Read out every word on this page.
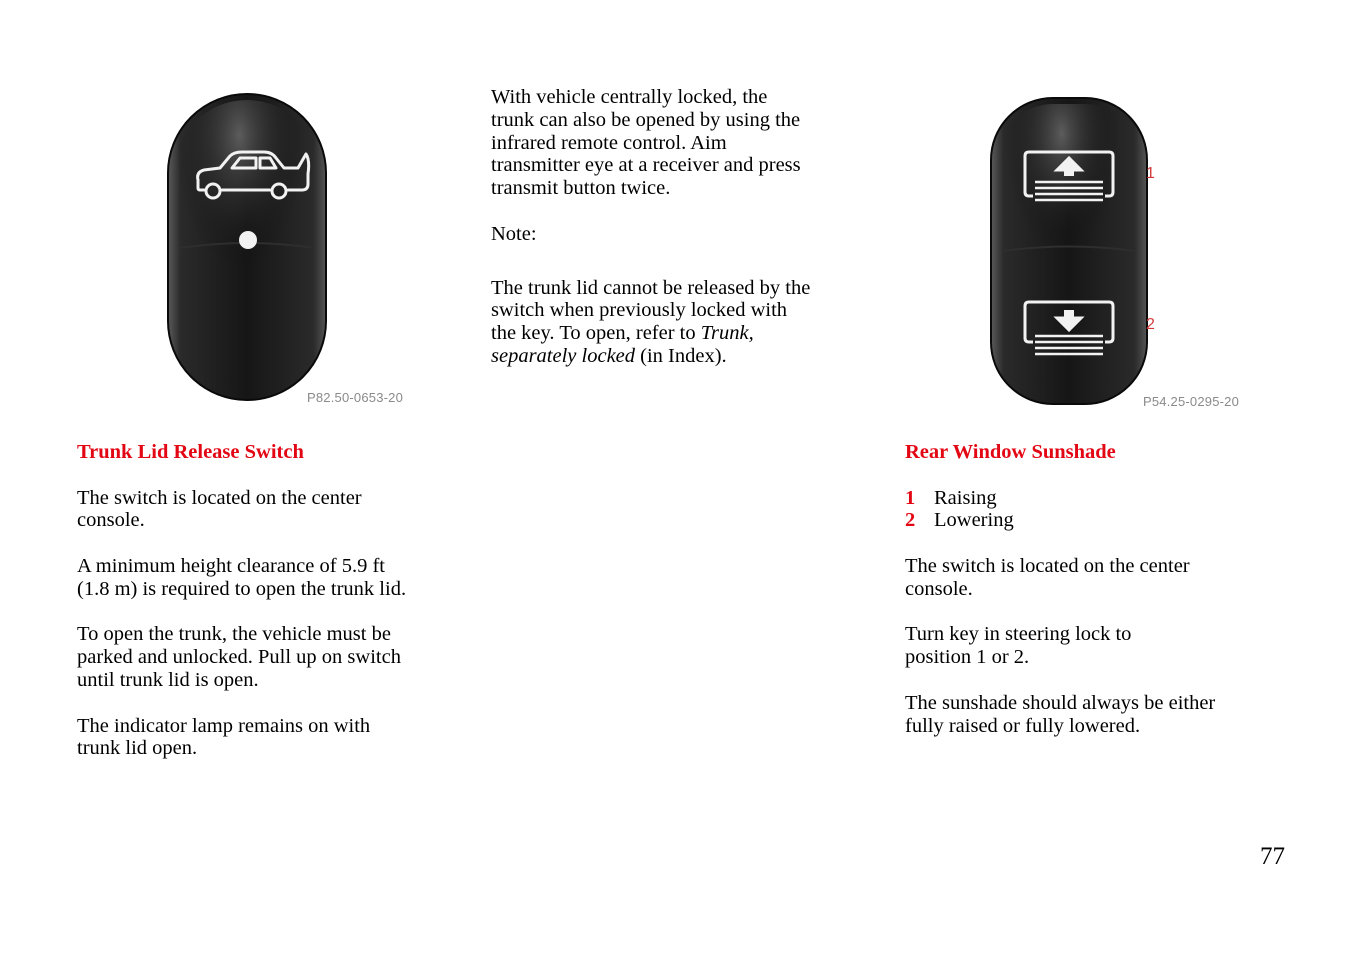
P82.50-0653-20

Trunk Lid Release Switch

The switch is located on the center

console.

A minimum height clearance of 5.9 ft

(1.8 m) is required to open the trunk lid.

To open the trunk, the vehicle must be

parked and unlocked. Pull up on switch

until trunk lid is open.

The indicator lamp remains on with

trunk lid open.

With vehicle centrally locked, the

trunk can also be opened by using the

infrared remote control. Aim

transmitter eye at a receiver and press

transmit button twice.

Note:

The trunk lid cannot be released by the

switch when previously locked with

the key. To open, refer to Trunk,

separately locked (in Index).

1
2
P54.25-0295-20

Rear Window Sunshade

1 Raising

2 Lowering

The switch is located on the center

console.

Turn key in steering lock to

position 1 or 2.

The sunshade should always be either

fully raised or fully lowered.

77
